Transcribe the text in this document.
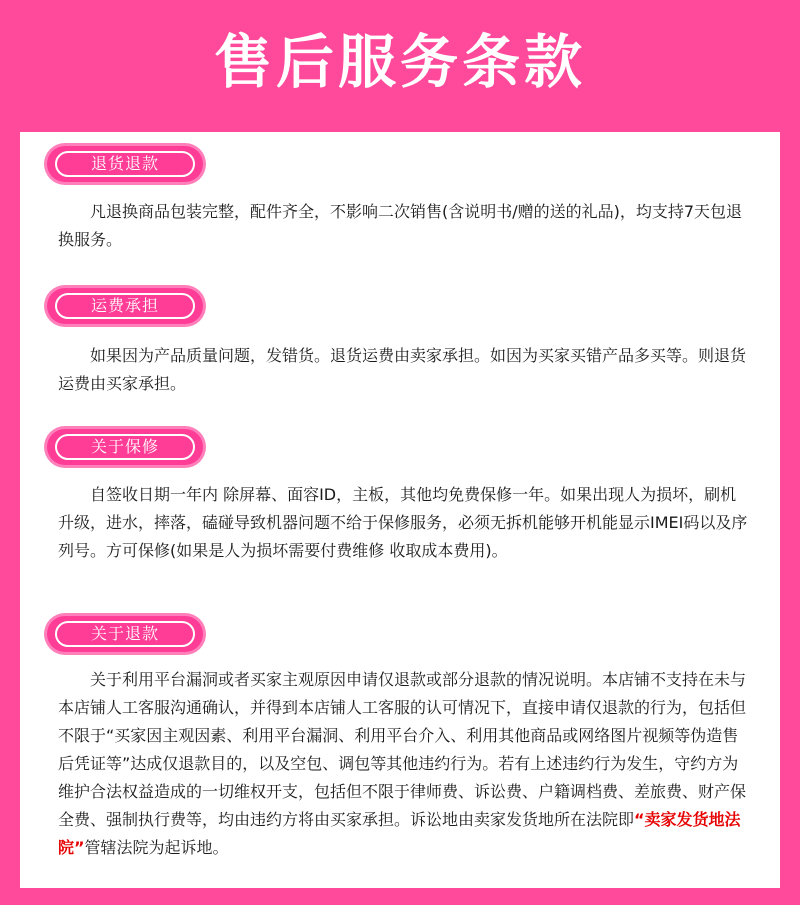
售后服务条款
退货退款
凡退换商品包装完整，配件齐全，不影响二次销售(含说明书/赠的送的礼品)，均支持7天包退换服务。
运费承担
如果因为产品质量问题，发错货。退货运费由卖家承担。如因为买家买错产品多买等。则退货运费由买家承担。
关于保修
自签收日期一年内 除屏幕、面容ID，主板，其他均免费保修一年。如果出现人为损坏，刷机升级，进水，摔落，磕碰导致机器问题不给于保修服务，必须无拆机能够开机能显示IMEI码以及序列号。方可保修(如果是人为损坏需要付费维修 收取成本费用)。
关于退款
关于利用平台漏洞或者买家主观原因申请仅退款或部分退款的情况说明。本店铺不支持在未与本店铺人工客服沟通确认，并得到本店铺人工客服的认可情况下，直接申请仅退款的行为，包括但不限于“买家因主观因素、利用平台漏洞、利用平台介入、利用其他商品或网络图片视频等伪造售后凭证等”达成仅退款目的，以及空包、调包等其他违约行为。若有上述违约行为发生，守约方为维护合法权益造成的一切维权开支，包括但不限于律师费、诉讼费、户籍调档费、差旅费、财产保全费、强制执行费等，均由违约方将由买家承担。诉讼地由卖家发货地所在法院即“卖家发货地法院”管辖法院为起诉地。
